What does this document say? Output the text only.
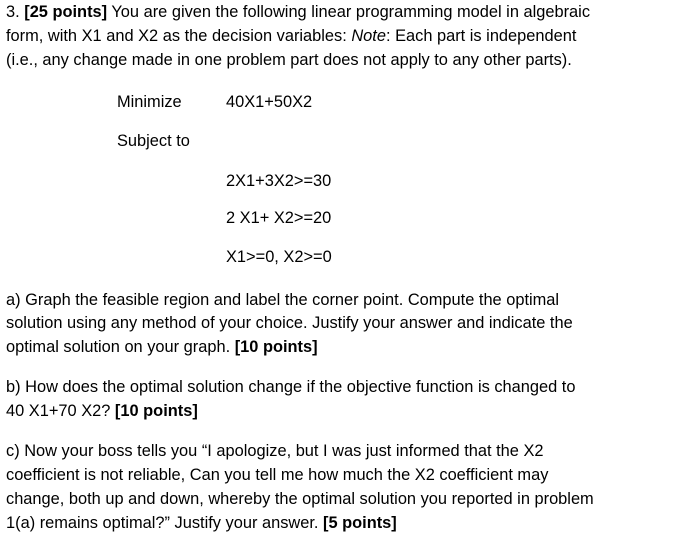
3. [25 points] You are given the following linear programming model in algebraic
form, with X1 and X2 as the decision variables: Note: Each part is independent
(i.e., any change made in one problem part does not apply to any other parts).
Minimize	40X1+50X2
Subject to
2X1+3X2>=30
2 X1+ X2>=20
X1>=0, X2>=0
a) Graph the feasible region and label the corner point. Compute the optimal
solution using any method of your choice. Justify your answer and indicate the
optimal solution on your graph. [10 points]
b) How does the optimal solution change if the objective function is changed to
40 X1+70 X2? [10 points]
c) Now your boss tells you “I apologize, but I was just informed that the X2
coefficient is not reliable, Can you tell me how much the X2 coefficient may
change, both up and down, whereby the optimal solution you reported in problem
1(a) remains optimal?” Justify your answer. [5 points]
